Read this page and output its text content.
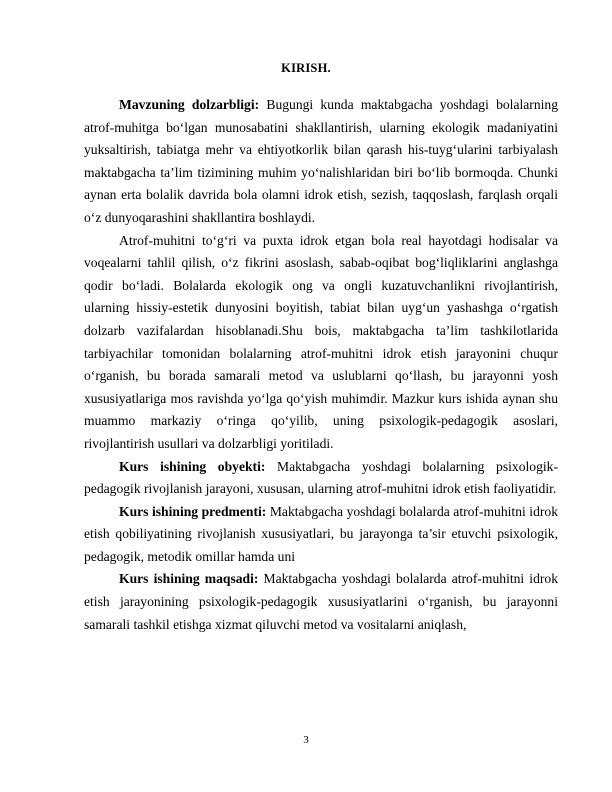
KIRISH.

Mavzuning dolzarbligi: Bugungi kunda maktabgacha yoshdagi bolalarning atrof-muhitga bo‘lgan munosabatini shakllantirish, ularning ekologik madaniyatini yuksaltirish, tabiatga mehr va ehtiyotkorlik bilan qarash his-tuyg‘ularini tarbiyalash maktabgacha ta’lim tizimining muhim yo‘nalishlaridan biri bo‘lib bormoqda. Chunki aynan erta bolalik davrida bola olamni idrok etish, sezish, taqqoslash, farqlash orqali o‘z dunyoqarashini shakllantira boshlaydi.

Atrof-muhitni to‘g‘ri va puxta idrok etgan bola real hayotdagi hodisalar va voqealarni tahlil qilish, o‘z fikrini asoslash, sabab-oqibat bog‘liqliklarini anglashga qodir bo‘ladi. Bolalarda ekologik ong va ongli kuzatuvchanlikni rivojlantirish, ularning hissiy-estetik dunyosini boyitish, tabiat bilan uyg‘un yashashga o‘rgatish dolzarb vazifalardan hisoblanadi.Shu bois, maktabgacha ta’lim tashkilotlarida tarbiyachilar tomonidan bolalarning atrof-muhitni idrok etish jarayonini chuqur o‘rganish, bu borada samarali metod va uslublarni qo‘llash, bu jarayonni yosh xususiyatlariga mos ravishda yo‘lga qo‘yish muhimdir. Mazkur kurs ishida aynan shu muammo markaziy o‘ringa qo‘yilib, uning psixologik-pedagogik asoslari, rivojlantirish usullari va dolzarbligi yoritiladi.

Kurs ishining obyekti: Maktabgacha yoshdagi bolalarning psixologik-pedagogik rivojlanish jarayoni, xususan, ularning atrof-muhitni idrok etish faoliyatidir.

Kurs ishining predmenti: Maktabgacha yoshdagi bolalarda atrof-muhitni idrok etish qobiliyatining rivojlanish xususiyatlari, bu jarayonga ta’sir etuvchi psixologik, pedagogik, metodik omillar hamda uni

Kurs ishining maqsadi: Maktabgacha yoshdagi bolalarda atrof-muhitni idrok etish jarayonining psixologik-pedagogik xususiyatlarini o‘rganish, bu jarayonni samarali tashkil etishga xizmat qiluvchi metod va vositalarni aniqlash,

3
